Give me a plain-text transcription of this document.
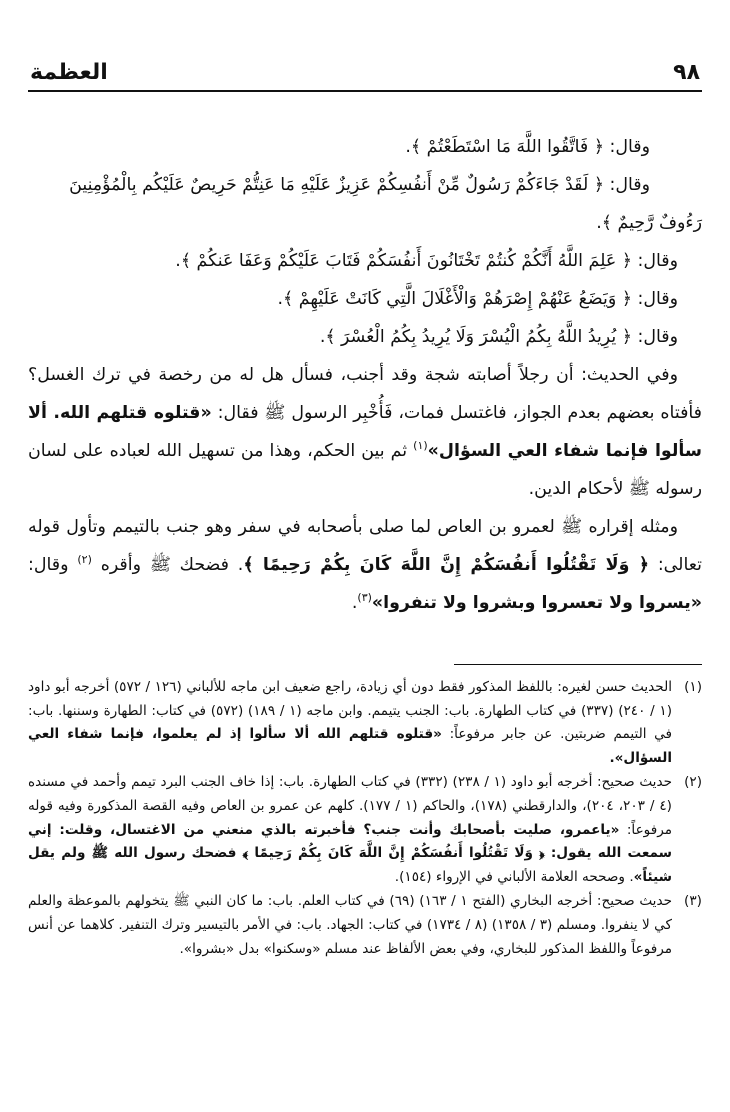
٩٨
العظمة
وقال: ﴿ فَاتَّقُوا اللَّهَ مَا اسْتَطَعْتُمْ ﴾.
وقال: ﴿ لَقَدْ جَاءَكُمْ رَسُولٌ مِّنْ أَنفُسِكُمْ عَزِيزٌ عَلَيْهِ مَا عَنِتُّمْ حَرِيصٌ عَلَيْكُم بِالْمُؤْمِنِينَ
رَءُوفٌ رَّحِيمٌ ﴾.
وقال: ﴿ عَلِمَ اللَّهُ أَنَّكُمْ كُنتُمْ تَخْتَانُونَ أَنفُسَكُمْ فَتَابَ عَلَيْكُمْ وَعَفَا عَنكُمْ ﴾.
وقال: ﴿ وَيَضَعُ عَنْهُمْ إِصْرَهُمْ وَالْأَغْلَالَ الَّتِي كَانَتْ عَلَيْهِمْ ﴾.
وقال: ﴿ يُرِيدُ اللَّهُ بِكُمُ الْيُسْرَ وَلَا يُرِيدُ بِكُمُ الْعُسْرَ ﴾.

وفي الحديث: أن رجلاً أصابته شجة وقد أجنب، فسأل هل له من رخصة في ترك الغسل؟ فأفتاه بعضهم بعدم الجواز، فاغتسل فمات، فَأُخْبِر الرسول ﷺ فقال: «قتلوه قتلهم الله. ألا سألوا فإنما شفاء العي السؤال»$^{(١)}$ ثم بين الحكم، وهذا من تسهيل الله لعباده على لسان رسوله ﷺ لأحكام الدين.

ومثله إقراره ﷺ لعمرو بن العاص لما صلى بأصحابه في سفر وهو جنب بالتيمم وتأول قوله تعالى: ﴿ وَلَا تَقْتُلُوا أَنفُسَكُمْ إِنَّ اللَّهَ كَانَ بِكُمْ رَحِيمًا ﴾. فضحك ﷺ وأقره $^{(٢)}$ وقال: «يسروا ولا تعسروا وبشروا ولا تنفروا»$^{(٣)}$.

(١)الحديث حسن لغيره: باللفظ المذكور فقط دون أي زيادة، راجع ضعيف ابن ماجه للألباني (١٢٦ / ٥٧٢) أخرجه أبو داود (١ / ٢٤٠) (٣٣٧) في كتاب الطهارة. باب: الجنب يتيمم. وابن ماجه (١ / ١٨٩) (٥٧٢) في كتاب: الطهارة وسننها. باب: في التيمم ضربتين. عن جابر مرفوعاً: «قتلوه قتلهم الله ألا سألوا إذ لم يعلموا، فإنما شفاء العي السؤال».

(٢)حديث صحيح: أخرجه أبو داود (١ / ٢٣٨) (٣٣٢) في كتاب الطهارة. باب: إذا خاف الجنب البرد تيمم وأحمد في مسنده (٤ / ٢٠٣، ٢٠٤)، والدارقطني (١٧٨)، والحاكم (١ / ١٧٧). كلهم عن عمرو بن العاص وفيه القصة المذكورة وفيه قوله مرفوعاً: «ياعمرو، صليت بأصحابك وأنت جنب؟ فأخبرته بالذي منعني من الاغتسال، وقلت: إني سمعت الله يقول: ﴿ وَلَا تَقْتُلُوا أَنفُسَكُمْ إِنَّ اللَّهَ كَانَ بِكُمْ رَحِيمًا ﴾ فضحك رسول الله ﷺ ولم يقل شيئاً». وصححه العلامة الألباني في الإرواء (١٥٤).

(٣)حديث صحيح: أخرجه البخاري (الفتح ١ / ١٦٣) (٦٩) في كتاب العلم. باب: ما كان النبي ﷺ يتخولهم بالموعظة والعلم كي لا ينفروا. ومسلم (٣ / ١٣٥٨) (٨ / ١٧٣٤) في كتاب: الجهاد. باب: في الأمر بالتيسير وترك التنفير. كلاهما عن أنس مرفوعاً واللفظ المذكور للبخاري، وفي بعض الألفاظ عند مسلم «وسكنوا» بدل «بشروا».
